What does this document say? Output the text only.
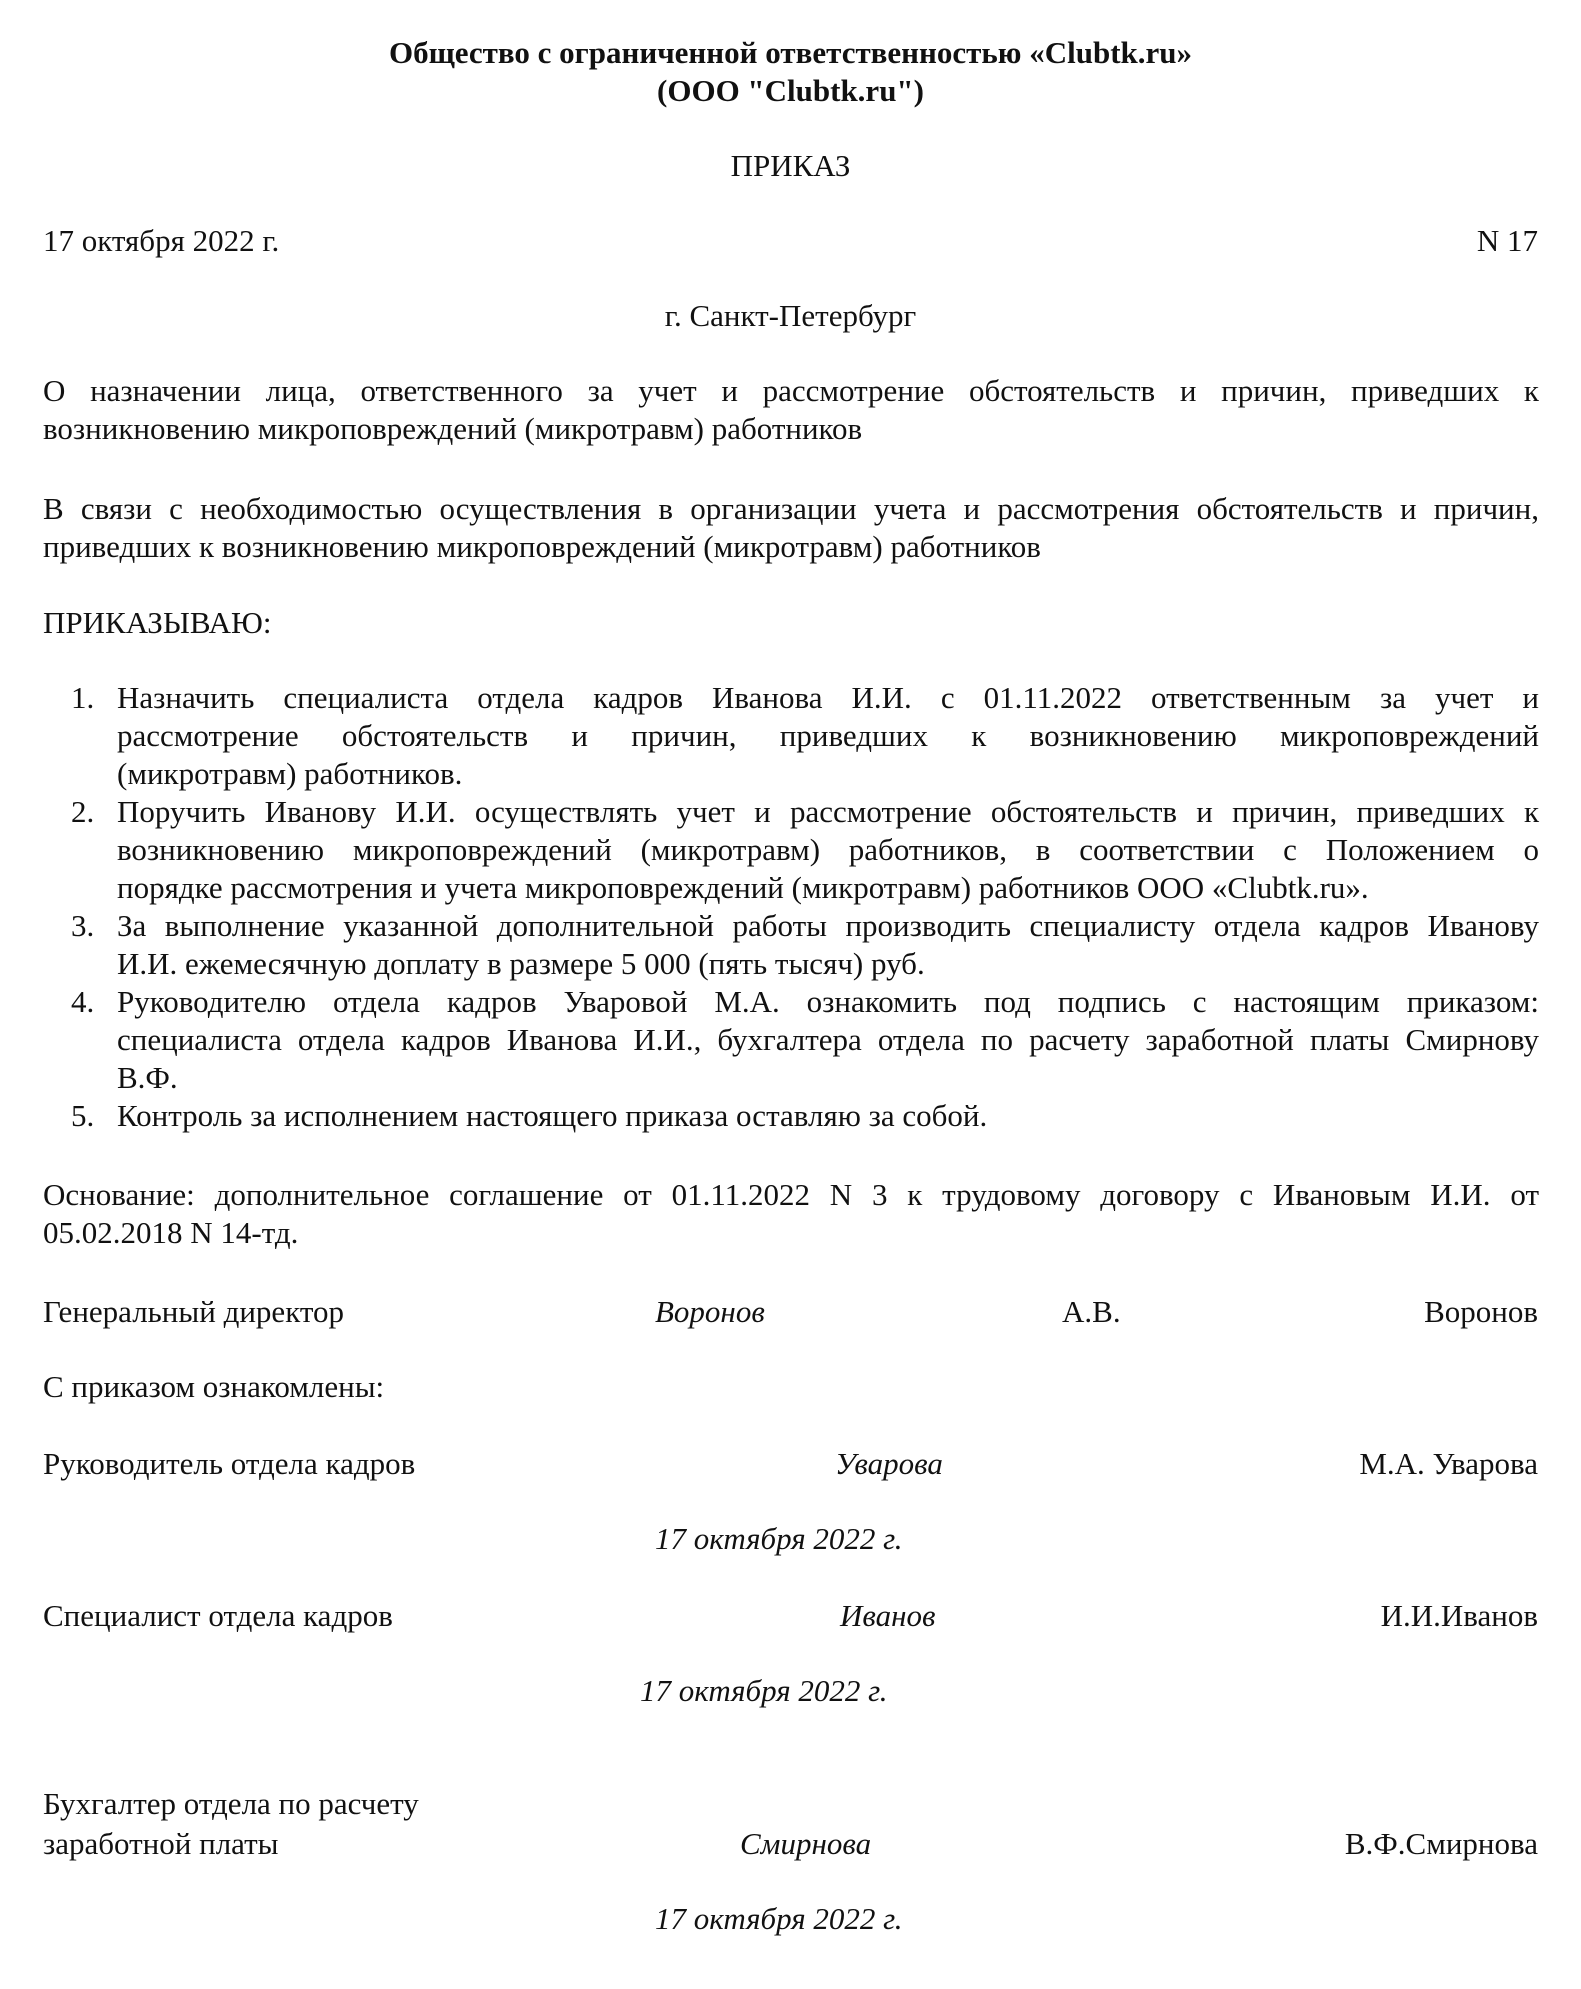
Общество с ограниченной ответственностью «Clubtk.ru»
(ООО "Clubtk.ru")
ПРИКАЗ
17 октября 2022 г.	N 17
г. Санкт-Петербург
О назначении лица, ответственного за учет и рассмотрение обстоятельств и причин, приведших к
возникновению микроповреждений (микротравм) работников
В связи с необходимостью осуществления в организации учета и рассмотрения обстоятельств и причин,
приведших к возникновению микроповреждений (микротравм) работников
ПРИКАЗЫВАЮ:
1. Назначить специалиста отдела кадров Иванова И.И. с 01.11.2022 ответственным за учет и
рассмотрение обстоятельств и причин, приведших к возникновению микроповреждений
(микротравм) работников.
2. Поручить Иванову И.И. осуществлять учет и рассмотрение обстоятельств и причин, приведших к
возникновению микроповреждений (микротравм) работников, в соответствии с Положением о
порядке рассмотрения и учета микроповреждений (микротравм) работников ООО «Clubtk.ru».
3. За выполнение указанной дополнительной работы производить специалисту отдела кадров Иванову
И.И. ежемесячную доплату в размере 5 000 (пять тысяч) руб.
4. Руководителю отдела кадров Уваровой М.А. ознакомить под подпись с настоящим приказом:
специалиста отдела кадров Иванова И.И., бухгалтера отдела по расчету заработной платы Смирнову
В.Ф.
5. Контроль за исполнением настоящего приказа оставляю за собой.
Основание: дополнительное соглашение от 01.11.2022 N 3 к трудовому договору с Ивановым И.И. от
05.02.2018 N 14-тд.
Генеральный директор	Воронов	А.В.	Воронов
С приказом ознакомлены:
Руководитель отдела кадров	Уварова	М.А. Уварова
17 октября 2022 г.
Специалист отдела кадров	Иванов	И.И.Иванов
17 октября 2022 г.
Бухгалтер отдела по расчету
заработной платы	Смирнова	В.Ф.Смирнова
17 октября 2022 г.
